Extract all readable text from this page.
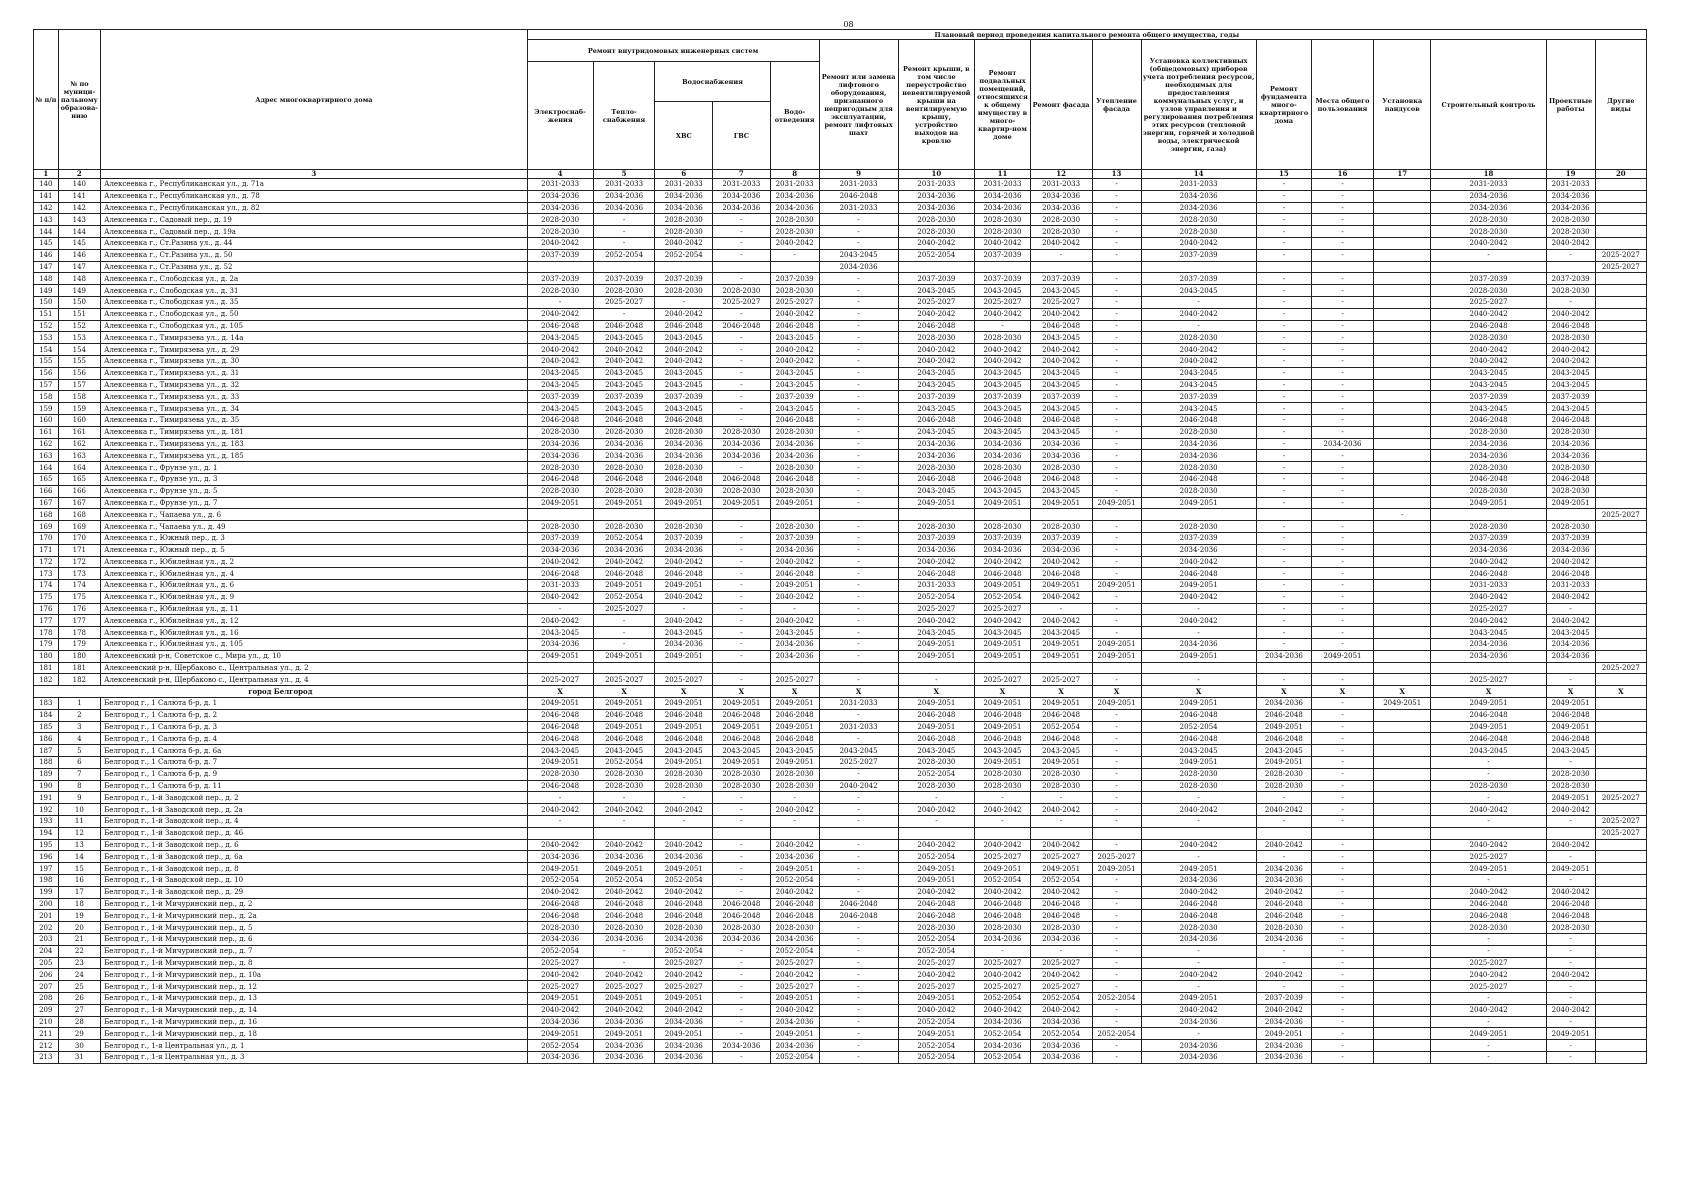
08
№ п/п	№ по муници-пальному образова-нию	Адрес многоквартирного дома	Плановый период проведения капитального ремонта общего имущества, годы																
			Ремонт внутридомовых инженерных систем					Ремонт или замена лифтового оборудования, признанного непригодным для эксплуатации, ремонт лифтовых шахт	Ремонт крыши, в том числе переустройство невентилируемой крыши на вентилируемую крышу, устройство выходов на кровлю	Ремонт подвальных помещений, относящихся к общему имуществу в много-квартир-ном доме	Ремонт фасада	Утепление фасада	Установка коллективных (общедомовых) приборов учета потребления ресурсов, необходимых для предоставления коммунальных услуг, и узлов управления и регулирования потребления этих ресурсов (тепловой энергии, горячей и холодной воды, электрической энергии, газа)	Ремонт фундамента много-квартирного дома	Места общего пользования	Установка пандусов	Строительный контроль	Проектные работы	Другие виды
			Электроснаб-жения	Тепло-снабжения	Водоснабжения		Водо-отведения												
					ХВС	ГВС													
1	2	3	4	5	6	7	8	9	10	11	12	13	14	15	16	17	18	19	20
140	140	Алексеевка г., Республиканская ул., д. 71а	2031-2033	2031-2033	2031-2033	2031-2033	2031-2033	2031-2033	2031-2033	2031-2033	2031-2033	-	2031-2033	-	-		2031-2033	2031-2033	
141	141	Алексеевка г., Республиканская ул., д. 78	2034-2036	2034-2036	2034-2036	2034-2036	2034-2036	2046-2048	2034-2036	2034-2036	2034-2036	-	2034-2036	-	-		2034-2036	2034-2036	
142	142	Алексеевка г., Республиканская ул., д. 82	2034-2036	2034-2036	2034-2036	2034-2036	2034-2036	2031-2033	2034-2036	2034-2036	2034-2036	-	2034-2036	-	-		2034-2036	2034-2036	
143	143	Алексеевка г., Садовый пер., д. 19	2028-2030	-	2028-2030	-	2028-2030	-	2028-2030	2028-2030	2028-2030	-	2028-2030	-	-		2028-2030	2028-2030	
144	144	Алексеевка г., Садовый пер., д. 19а	2028-2030	-	2028-2030	-	2028-2030	-	2028-2030	2028-2030	2028-2030	-	2028-2030	-	-		2028-2030	2028-2030	
145	145	Алексеевка г., Ст.Разина ул., д. 44	2040-2042	-	2040-2042	-	2040-2042	-	2040-2042	2040-2042	2040-2042	-	2040-2042	-	-		2040-2042	2040-2042	
146	146	Алексеевка г., Ст.Разина ул., д. 50	2037-2039	2052-2054	2052-2054	-	-	2043-2045	2052-2054	2037-2039	-	-	2037-2039	-	-		-	-	2025-2027
147	147	Алексеевка г., Ст.Разина ул., д. 52						2034-2036											2025-2027
148	148	Алексеевка г., Слободская ул., д. 2а	2037-2039	2037-2039	2037-2039	-	2037-2039	-	2037-2039	2037-2039	2037-2039	-	2037-2039	-	-		2037-2039	2037-2039	
149	149	Алексеевка г., Слободская ул., д. 31	2028-2030	2028-2030	2028-2030	2028-2030	2028-2030	-	2043-2045	2043-2045	2043-2045	-	2043-2045	-	-		2028-2030	2028-2030	
150	150	Алексеевка г., Слободская ул., д. 35	-	2025-2027	-	2025-2027	2025-2027	-	2025-2027	2025-2027	2025-2027	-	-	-	-		2025-2027	-	
151	151	Алексеевка г., Слободская ул., д. 50	2040-2042	-	2040-2042	-	2040-2042	-	2040-2042	2040-2042	2040-2042	-	2040-2042	-	-		2040-2042	2040-2042	
152	152	Алексеевка г., Слободская ул., д. 105	2046-2048	2046-2048	2046-2048	2046-2048	2046-2048	-	2046-2048	-	2046-2048	-	-	-	-		2046-2048	2046-2048	
153	153	Алексеевка г., Тимирязева ул., д. 14а	2043-2045	2043-2045	2043-2045	-	2043-2045	-	2028-2030	2028-2030	2043-2045	-	2028-2030	-	-		2028-2030	2028-2030	
154	154	Алексеевка г., Тимирязева ул., д. 29	2040-2042	2040-2042	2040-2042	-	2040-2042	-	2040-2042	2040-2042	2040-2042	-	2040-2042	-	-		2040-2042	2040-2042	
155	155	Алексеевка г., Тимирязева ул., д. 30	2040-2042	2040-2042	2040-2042	-	2040-2042	-	2040-2042	2040-2042	2040-2042	-	2040-2042	-	-		2040-2042	2040-2042	
156	156	Алексеевка г., Тимирязева ул., д. 31	2043-2045	2043-2045	2043-2045	-	2043-2045	-	2043-2045	2043-2045	2043-2045	-	2043-2045	-	-		2043-2045	2043-2045	
157	157	Алексеевка г., Тимирязева ул., д. 32	2043-2045	2043-2045	2043-2045	-	2043-2045	-	2043-2045	2043-2045	2043-2045	-	2043-2045	-	-		2043-2045	2043-2045	
158	158	Алексеевка г., Тимирязева ул., д. 33	2037-2039	2037-2039	2037-2039	-	2037-2039	-	2037-2039	2037-2039	2037-2039	-	2037-2039	-	-		2037-2039	2037-2039	
159	159	Алексеевка г., Тимирязева ул., д. 34	2043-2045	2043-2045	2043-2045	-	2043-2045	-	2043-2045	2043-2045	2043-2045	-	2043-2045	-	-		2043-2045	2043-2045	
160	160	Алексеевка г., Тимирязева ул., д. 35	2046-2048	2046-2048	2046-2048	-	2046-2048	-	2046-2048	2046-2048	2046-2048	-	2046-2048	-	-		2046-2048	2046-2048	
161	161	Алексеевка г., Тимирязева ул., д. 181	2028-2030	2028-2030	2028-2030	2028-2030	2028-2030	-	2043-2045	2043-2045	2043-2045	-	2028-2030	-	-		2028-2030	2028-2030	
162	162	Алексеевка г., Тимирязева ул., д. 183	2034-2036	2034-2036	2034-2036	2034-2036	2034-2036	-	2034-2036	2034-2036	2034-2036	-	2034-2036	-	2034-2036		2034-2036	2034-2036	
163	163	Алексеевка г., Тимирязева ул., д. 185	2034-2036	2034-2036	2034-2036	2034-2036	2034-2036	-	2034-2036	2034-2036	2034-2036	-	2034-2036	-	-		2034-2036	2034-2036	
164	164	Алексеевка г., Фрунзе ул., д. 1	2028-2030	2028-2030	2028-2030	-	2028-2030	-	2028-2030	2028-2030	2028-2030	-	2028-2030	-	-		2028-2030	2028-2030	
165	165	Алексеевка г., Фрунзе ул., д. 3	2046-2048	2046-2048	2046-2048	2046-2048	2046-2048	-	2046-2048	2046-2048	2046-2048	-	2046-2048	-	-		2046-2048	2046-2048	
166	166	Алексеевка г., Фрунзе ул., д. 5	2028-2030	2028-2030	2028-2030	2028-2030	2028-2030	-	2043-2045	2043-2045	2043-2045	-	2028-2030	-	-		2028-2030	2028-2030	
167	167	Алексеевка г., Фрунзе ул., д. 7	2049-2051	2049-2051	2049-2051	2049-2051	2049-2051	-	2049-2051	2049-2051	2049-2051	2049-2051	2049-2051	-	-		2049-2051	2049-2051	
168	168	Алексеевка г., Чапаева ул., д. 6														-			2025-2027
169	169	Алексеевка г., Чапаева ул., д. 49	2028-2030	2028-2030	2028-2030	-	2028-2030	-	2028-2030	2028-2030	2028-2030	-	2028-2030	-	-		2028-2030	2028-2030	
170	170	Алексеевка г., Южный пер., д. 3	2037-2039	2052-2054	2037-2039	-	2037-2039	-	2037-2039	2037-2039	2037-2039	-	2037-2039	-	-		2037-2039	2037-2039	
171	171	Алексеевка г., Южный пер., д. 5	2034-2036	2034-2036	2034-2036	-	2034-2036	-	2034-2036	2034-2036	2034-2036	-	2034-2036	-	-		2034-2036	2034-2036	
172	172	Алексеевка г., Юбилейная ул., д. 2	2040-2042	2040-2042	2040-2042	-	2040-2042	-	2040-2042	2040-2042	2040-2042	-	2040-2042	-	-		2040-2042	2040-2042	
173	173	Алексеевка г., Юбилейная ул., д. 4	2046-2048	2046-2048	2046-2048	-	2046-2048	-	2046-2048	2046-2048	2046-2048	-	2046-2048	-	-		2046-2048	2046-2048	
174	174	Алексеевка г., Юбилейная ул., д. 6	2031-2033	2049-2051	2049-2051	-	2049-2051	-	2031-2033	2049-2051	2049-2051	2049-2051	2049-2051	-	-		2031-2033	2031-2033	
175	175	Алексеевка г., Юбилейная ул., д. 9	2040-2042	2052-2054	2040-2042	-	2040-2042	-	2052-2054	2052-2054	2040-2042	-	2040-2042	-	-		2040-2042	2040-2042	
176	176	Алексеевка г., Юбилейная ул., д. 11	-	2025-2027	-	-	-	-	2025-2027	2025-2027	-	-	-	-	-		2025-2027	-	
177	177	Алексеевка г., Юбилейная ул., д. 12	2040-2042	-	2040-2042	-	2040-2042	-	2040-2042	2040-2042	2040-2042	-	2040-2042	-	-		2040-2042	2040-2042	
178	178	Алексеевка г., Юбилейная ул., д. 16	2043-2045	-	2043-2045	-	2043-2045	-	2043-2045	2043-2045	2043-2045	-	-	-	-		2043-2045	2043-2045	
179	179	Алексеевка г., Юбилейная ул., д. 105	2034-2036	-	2034-2036	-	2034-2036	-	2049-2051	2049-2051	2049-2051	2049-2051	2034-2036	-	-		2034-2036	2034-2036	
180	180	Алексеевский р-н, Советское с., Мира ул., д. 10	2049-2051	2049-2051	2049-2051	-	2034-2036	-	2049-2051	2049-2051	2049-2051	2049-2051	2049-2051	2034-2036	2049-2051		2034-2036	2034-2036	
181	181	Алексеевский р-н, Щербаково с., Центральная ул., д. 2																	2025-2027
182	182	Алексеевский р-н, Щербаково с., Центральная ул., д. 4	2025-2027	2025-2027	2025-2027	-	2025-2027	-	-	2025-2027	2025-2027	-	-	-	-		2025-2027	-	
город Белгород			X	X	X	X	X	X	X	X	X	X	X	X	X	X	X	X	X
183	1	Белгород г., 1 Салюта б-р, д. 1	2049-2051	2049-2051	2049-2051	2049-2051	2049-2051	2031-2033	2049-2051	2049-2051	2049-2051	2049-2051	2049-2051	2034-2036	-	2049-2051	2049-2051	2049-2051	
184	2	Белгород г., 1 Салюта б-р, д. 2	2046-2048	2046-2048	2046-2048	2046-2048	2046-2048	-	2046-2048	2046-2048	2046-2048	-	2046-2048	2046-2048	-		2046-2048	2046-2048	
185	3	Белгород г., 1 Салюта б-р, д. 3	2046-2048	2049-2051	2049-2051	2049-2051	2049-2051	2031-2033	2049-2051	2049-2051	2052-2054	-	2052-2054	2049-2051	-		2049-2051	2049-2051	
186	4	Белгород г., 1 Салюта б-р, д. 4	2046-2048	2046-2048	2046-2048	2046-2048	2046-2048	-	2046-2048	2046-2048	2046-2048	-	2046-2048	2046-2048	-		2046-2048	2046-2048	
187	5	Белгород г., 1 Салюта б-р, д. 6а	2043-2045	2043-2045	2043-2045	2043-2045	2043-2045	2043-2045	2043-2045	2043-2045	2043-2045	-	2043-2045	2043-2045	-		2043-2045	2043-2045	
188	6	Белгород г., 1 Салюта б-р, д. 7	2049-2051	2052-2054	2049-2051	2049-2051	2049-2051	2025-2027	2028-2030	2049-2051	2049-2051	-	2049-2051	2049-2051	-		-	-	
189	7	Белгород г., 1 Салюта б-р, д. 9	2028-2030	2028-2030	2028-2030	2028-2030	2028-2030	-	2052-2054	2028-2030	2028-2030	-	2028-2030	2028-2030	-		-	2028-2030	
190	8	Белгород г., 1 Салюта б-р, д. 11	2046-2048	2028-2030	2028-2030	2028-2030	2028-2030	2040-2042	2028-2030	2028-2030	2028-2030	-	2028-2030	2028-2030	-		2028-2030	2028-2030	
191	9	Белгород г., 1-й Заводской пер., д. 2	-	-	-	-	-	-	-	-	-	-	-	-	-		-	2049-2051	2025-2027
192	10	Белгород г., 1-й Заводской пер., д. 2а	2040-2042	2040-2042	2040-2042	-	2040-2042	-	2040-2042	2040-2042	2040-2042	-	2040-2042	2040-2042	-		2040-2042	2040-2042	
193	11	Белгород г., 1-й Заводской пер., д. 4	-	-	-	-	-	-	-	-	-	-	-	-	-		-	-	2025-2027
194	12	Белгород г., 1-й Заводской пер., д. 46																	2025-2027
195	13	Белгород г., 1-й Заводской пер., д. 6	2040-2042	2040-2042	2040-2042	-	2040-2042	-	2040-2042	2040-2042	2040-2042	-	2040-2042	2040-2042	-		2040-2042	2040-2042	
196	14	Белгород г., 1-й Заводской пер., д. 6а	2034-2036	2034-2036	2034-2036	-	2034-2036	-	2052-2054	2025-2027	2025-2027	2025-2027	-	-	-		2025-2027	-	
197	15	Белгород г., 1-й Заводской пер., д. 8	2049-2051	2049-2051	2049-2051	-	2049-2051	-	2049-2051	2049-2051	2049-2051	2049-2051	2049-2051	2034-2036	-		2049-2051	2049-2051	
198	16	Белгород г., 1-й Заводской пер., д. 10	2052-2054	2052-2054	2052-2054	-	2052-2054	-	2049-2051	2052-2054	2052-2054	-	2034-2036	2034-2036	-		-	-	
199	17	Белгород г., 1-й Заводской пер., д. 29	2040-2042	2040-2042	2040-2042	-	2040-2042	-	2040-2042	2040-2042	2040-2042	-	2040-2042	2040-2042	-		2040-2042	2040-2042	
200	18	Белгород г., 1-й Мичуринский пер., д. 2	2046-2048	2046-2048	2046-2048	2046-2048	2046-2048	2046-2048	2046-2048	2046-2048	2046-2048	-	2046-2048	2046-2048	-		2046-2048	2046-2048	
201	19	Белгород г., 1-й Мичуринский пер., д. 2а	2046-2048	2046-2048	2046-2048	2046-2048	2046-2048	2046-2048	2046-2048	2046-2048	2046-2048	-	2046-2048	2046-2048	-		2046-2048	2046-2048	
202	20	Белгород г., 1-й Мичуринский пер., д. 5	2028-2030	2028-2030	2028-2030	2028-2030	2028-2030	-	2028-2030	2028-2030	2028-2030	-	2028-2030	2028-2030	-		2028-2030	2028-2030	
203	21	Белгород г., 1-й Мичуринский пер., д. 6	2034-2036	2034-2036	2034-2036	2034-2036	2034-2036	-	2052-2054	2034-2036	2034-2036	-	2034-2036	2034-2036	-		-	-	
204	22	Белгород г., 1-й Мичуринский пер., д. 7	2052-2054	-	2052-2054	-	2052-2054	-	2052-2054	-	-	-	-	-	-		-	-	
205	23	Белгород г., 1-й Мичуринский пер., д. 8	2025-2027	-	2025-2027	-	2025-2027	-	2025-2027	2025-2027	2025-2027	-	-	-	-		2025-2027	-	
206	24	Белгород г., 1-й Мичуринский пер., д. 10а	2040-2042	2040-2042	2040-2042	-	2040-2042	-	2040-2042	2040-2042	2040-2042	-	2040-2042	2040-2042	-		2040-2042	2040-2042	
207	25	Белгород г., 1-й Мичуринский пер., д. 12	2025-2027	2025-2027	2025-2027	-	2025-2027	-	2025-2027	2025-2027	2025-2027	-	-	-	-		2025-2027	-	
208	26	Белгород г., 1-й Мичуринский пер., д. 13	2049-2051	2049-2051	2049-2051	-	2049-2051	-	2049-2051	2052-2054	2052-2054	2052-2054	2049-2051	2037-2039	-		-	-	
209	27	Белгород г., 1-й Мичуринский пер., д. 14	2040-2042	2040-2042	2040-2042	-	2040-2042	-	2040-2042	2040-2042	2040-2042	-	2040-2042	2040-2042	-		2040-2042	2040-2042	
210	28	Белгород г., 1-й Мичуринский пер., д. 16	2034-2036	2034-2036	2034-2036	-	2034-2036	-	2052-2054	2034-2036	2034-2036	-	2034-2036	2034-2036	-		-	-	
211	29	Белгород г., 1-й Мичуринский пер., д. 18	2049-2051	2049-2051	2049-2051	-	2049-2051	-	2049-2051	2052-2054	2052-2054	2052-2054	-	2049-2051	-		2049-2051	2049-2051	
212	30	Белгород г., 1-я Центральная ул., д. 1	2052-2054	2034-2036	2034-2036	2034-2036	2034-2036	-	2052-2054	2034-2036	2034-2036	-	2034-2036	2034-2036	-		-	-	
213	31	Белгород г., 1-я Центральная ул., д. 3	2034-2036	2034-2036	2034-2036	-	2052-2054	-	2052-2054	2052-2054	2034-2036	-	2034-2036	2034-2036	-		-	-	
